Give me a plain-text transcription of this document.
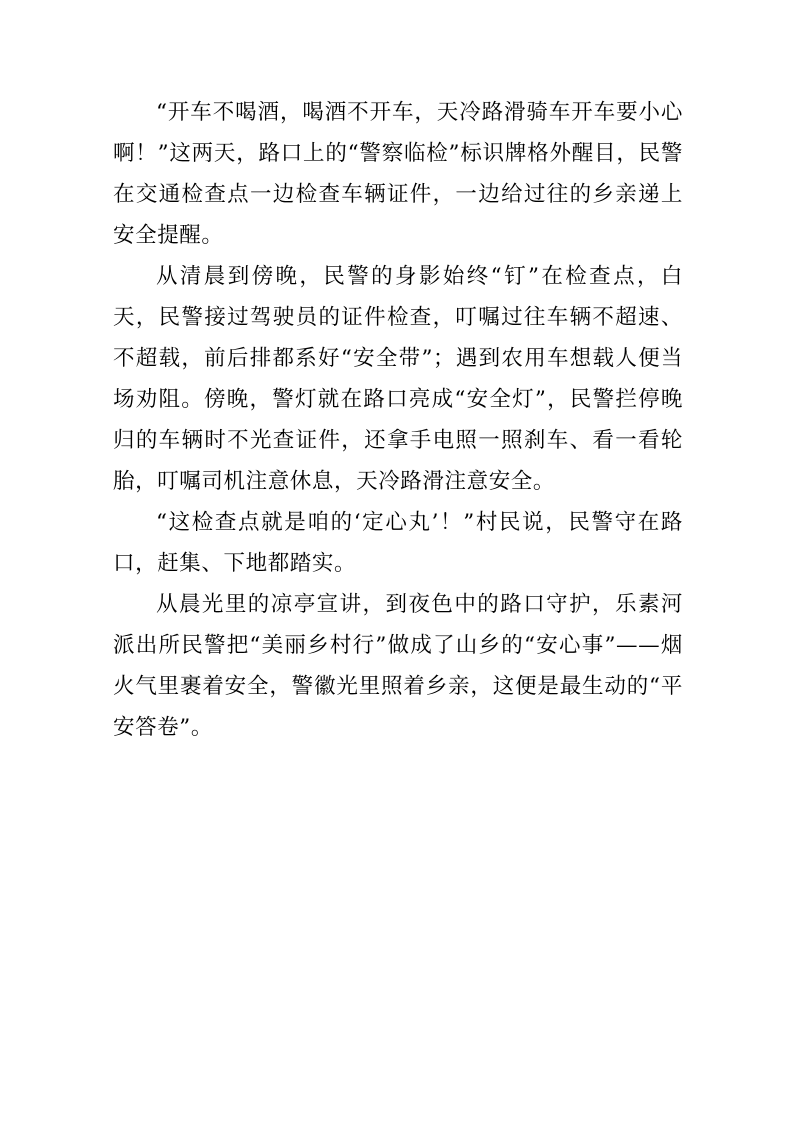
“开车不喝酒，喝酒不开车，天冷路滑骑车开车要小心啊！”这两天，路口上的“警察临检”标识牌格外醒目，民警在交通检查点一边检查车辆证件，一边给过往的乡亲递上安全提醒。

从清晨到傍晚，民警的身影始终“钉”在检查点，白天，民警接过驾驶员的证件检查，叮嘱过往车辆不超速、不超载，前后排都系好“安全带”；遇到农用车想载人便当场劝阻。傍晚，警灯就在路口亮成“安全灯”，民警拦停晚归的车辆时不光查证件，还拿手电照一照刹车、看一看轮胎，叮嘱司机注意休息，天冷路滑注意安全。

“这检查点就是咱的‘定心丸’！”村民说，民警守在路口，赶集、下地都踏实。

从晨光里的凉亭宣讲，到夜色中的路口守护，乐素河派出所民警把“美丽乡村行”做成了山乡的“安心事”——烟火气里裹着安全，警徽光里照着乡亲，这便是最生动的“平安答卷”。
